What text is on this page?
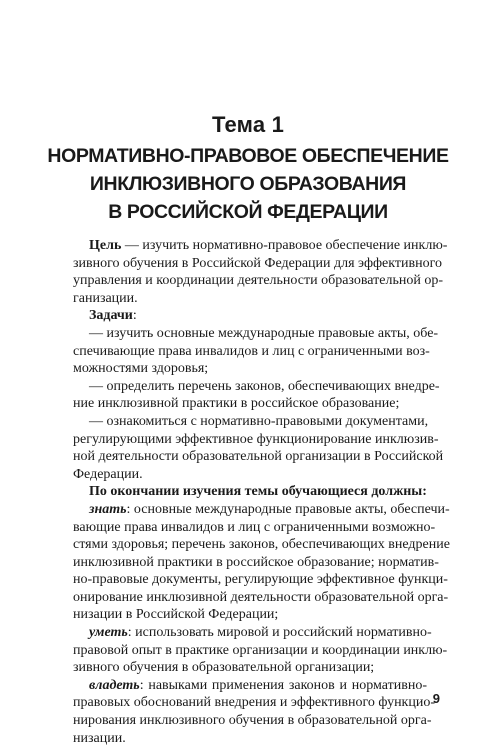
Тема 1
НОРМАТИВНО-ПРАВОВОЕ ОБЕСПЕЧЕНИЕ
ИНКЛЮЗИВНОГО ОБРАЗОВАНИЯ
В РОССИЙСКОЙ ФЕДЕРАЦИИ

Цель — изучить нормативно-правовое обеспечение инклю-
зивного обучения в Российской Федерации для эффективного
управления и координации деятельности образовательной ор-
ганизации.

Задачи:

— изучить основные международные правовые акты, обе-
спечивающие права инвалидов и лиц с ограниченными воз-
можностями здоровья;

— определить перечень законов, обеспечивающих внедре-
ние инклюзивной практики в российское образование;

— ознакомиться с нормативно-правовыми документами,
регулирующими эффективное функционирование инклюзив-
ной деятельности образовательной организации в Российской
Федерации.

По окончании изучения темы обучающиеся должны:

знать: основные международные правовые акты, обеспечи-
вающие права инвалидов и лиц с ограниченными возможно-
стями здоровья; перечень законов, обеспечивающих внедрение
инклюзивной практики в российское образование; норматив-
но-правовые документы, регулирующие эффективное функци-
онирование инклюзивной деятельности образовательной орга-
низации в Российской Федерации;

уметь: использовать мировой и российский нормативно-
правовой опыт в практике организации и координации инклю-
зивного обучения в образовательной организации;

владеть: навыками применения законов и нормативно-
правовых обоснований внедрения и эффективного функцио-
нирования инклюзивного обучения в образовательной орга-
низации.

9
